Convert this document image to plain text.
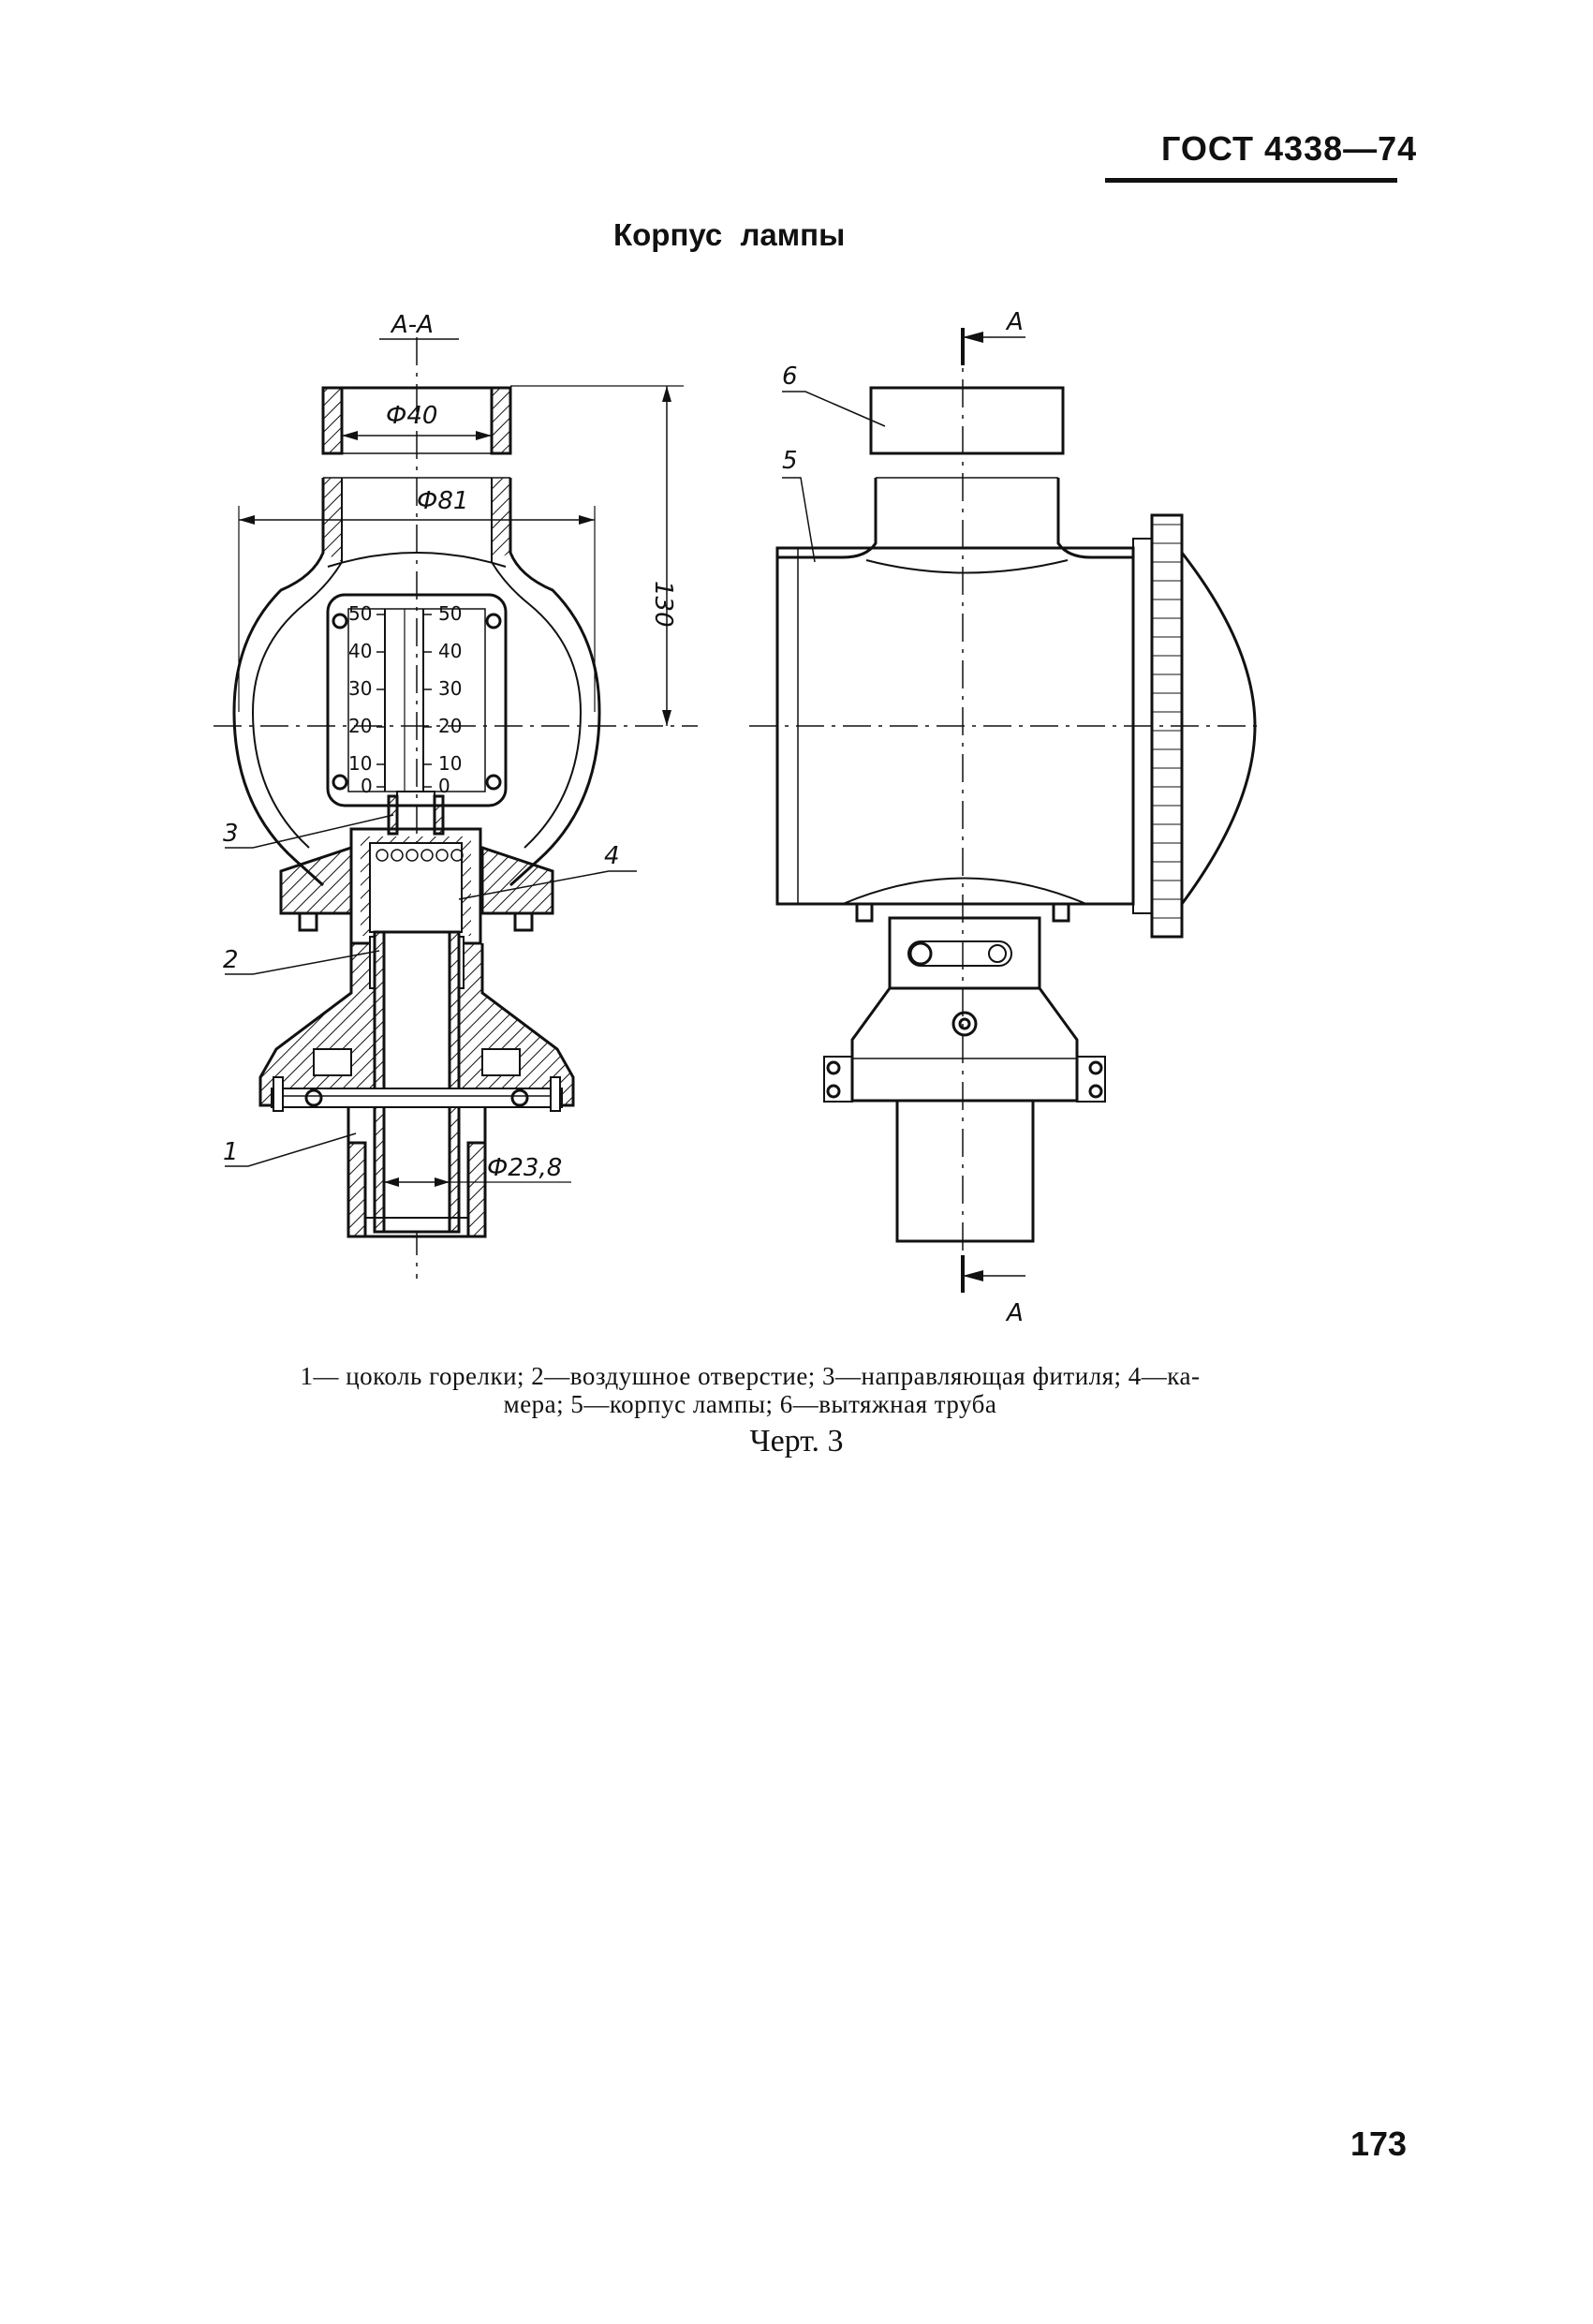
ГОСТ 4338—74
Корпус лампы
А-А
Ф40
Ф81
130
Ф23,8
50
40
30
20
10
0
50
40
30
20
10
0
3
2
1
4
6
5
А
А
1— цоколь горелки; 2—воздушное отверстие; 3—направляющая фитиля; 4—ка-
мера; 5—корпус лампы; 6—вытяжная труба
Черт. 3
173
